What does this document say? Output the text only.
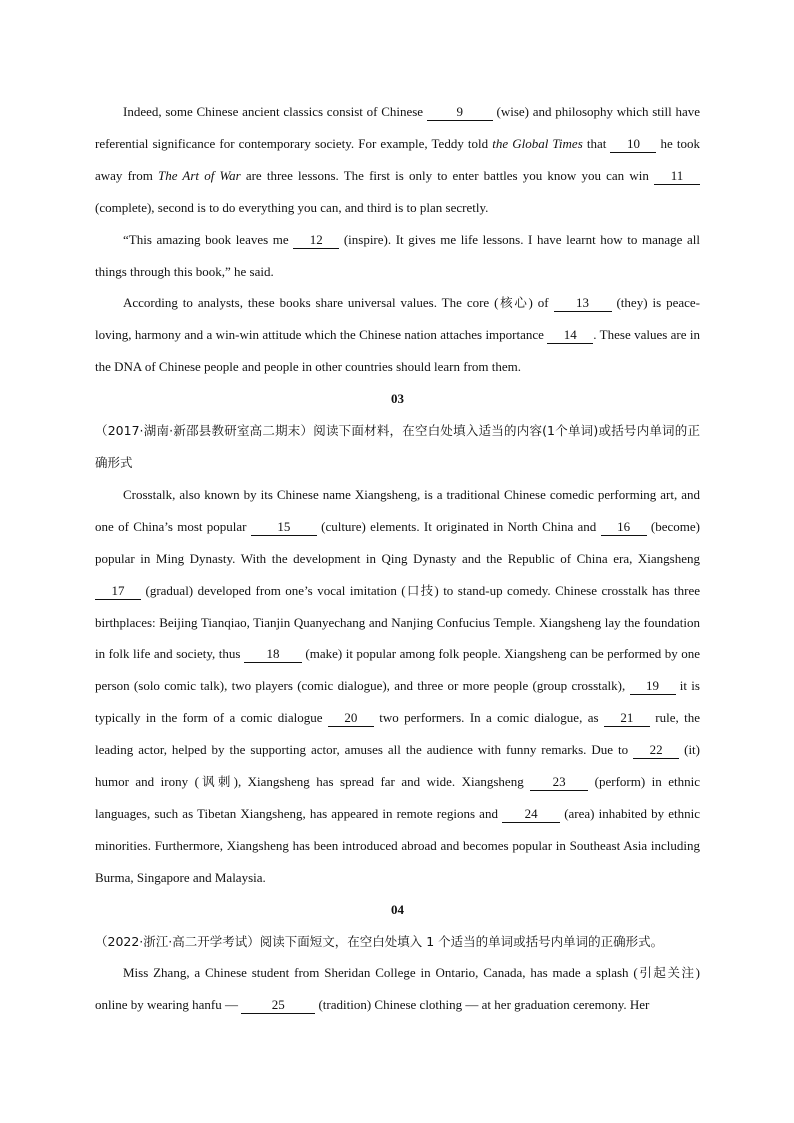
Indeed, some Chinese ancient classics consist of Chinese 9 (wise) and philosophy which still have referential significance for contemporary society. For example, Teddy told the Global Times that 10 he took away from The Art of War are three lessons. The first is only to enter battles you know you can win 11 (complete), second is to do everything you can, and third is to plan secretly.

“This amazing book leaves me 12 (inspire). It gives me life lessons. I have learnt how to manage all things through this book,” he said.

According to analysts, these books share universal values. The core (核心) of 13 (they) is peace-loving, harmony and a win-win attitude which the Chinese nation attaches importance 14 . These values are in the DNA of Chinese people and people in other countries should learn from them.

03

（2017·湖南·新邵县教研室高二期末）阅读下面材料，在空白处填入适当的内容(1个单词)或括号内单词的正确形式

Crosstalk, also known by its Chinese name Xiangsheng, is a traditional Chinese comedic performing art, and one of China’s most popular 15 (culture) elements. It originated in North China and 16 (become) popular in Ming Dynasty. With the development in Qing Dynasty and the Republic of China era, Xiangsheng 17 (gradual) developed from one’s vocal imitation (口技) to stand-up comedy. Chinese crosstalk has three birthplaces: Beijing Tianqiao, Tianjin Quanyechang and Nanjing Confucius Temple. Xiangsheng lay the foundation in folk life and society, thus 18 (make) it popular among folk people. Xiangsheng can be performed by one person (solo comic talk), two players (comic dialogue), and three or more people (group crosstalk), 19 it is typically in the form of a comic dialogue 20 two performers. In a comic dialogue, as 21 rule, the leading actor, helped by the supporting actor, amuses all the audience with funny remarks. Due to 22 (it) humor and irony (讽刺), Xiangsheng has spread far and wide. Xiangsheng 23 (perform) in ethnic languages, such as Tibetan Xiangsheng, has appeared in remote regions and 24 (area) inhabited by ethnic minorities. Furthermore, Xiangsheng has been introduced abroad and becomes popular in Southeast Asia including Burma, Singapore and Malaysia.

04

（2022·浙江·高二开学考试）阅读下面短文，在空白处填入 1 个适当的单词或括号内单词的正确形式。

Miss Zhang, a Chinese student from Sheridan College in Ontario, Canada, has made a splash (引起关注) online by wearing hanfu — 25 (tradition) Chinese clothing — at her graduation ceremony. Her
